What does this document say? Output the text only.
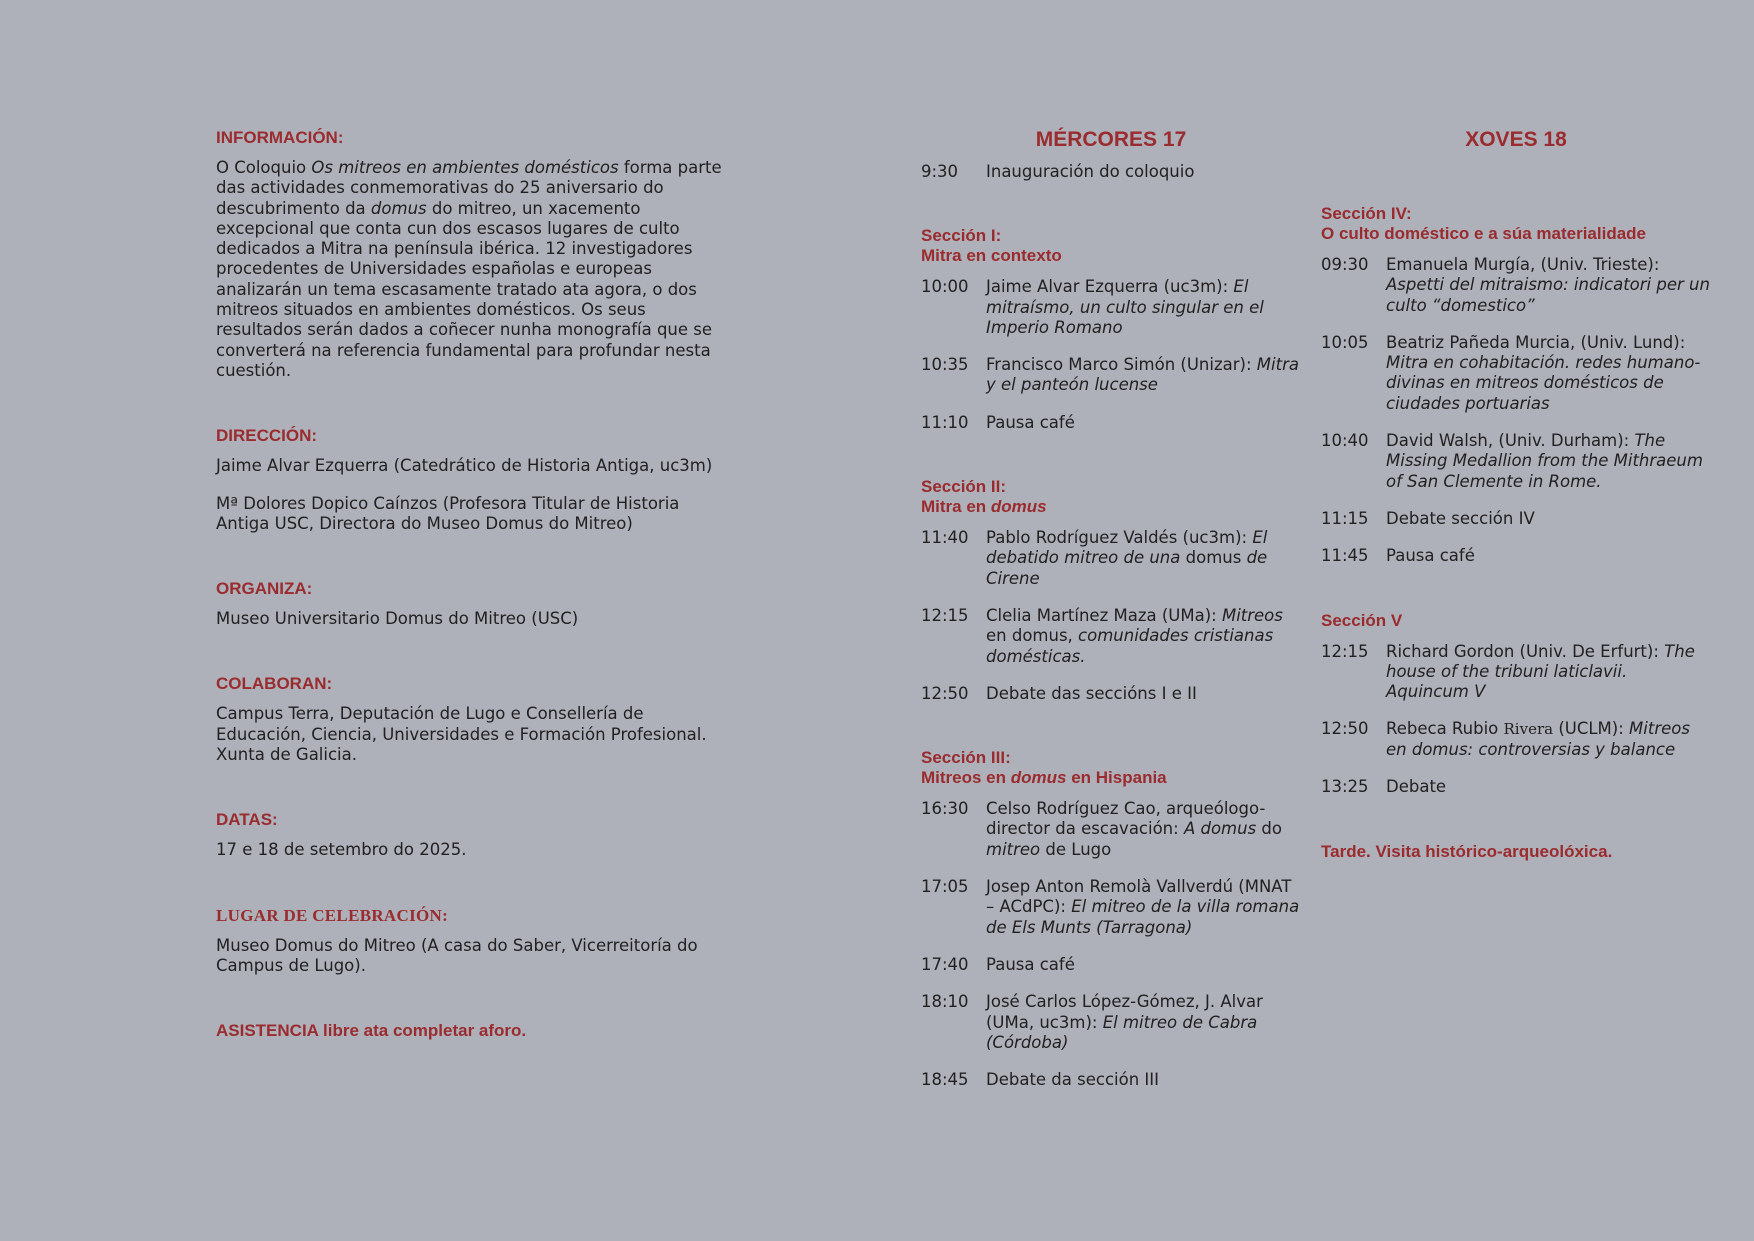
INFORMACIÓN:

O Coloquio Os mitreos en ambientes domésticos forma parte das actividades conmemorativas do 25 aniversario do descubrimento da domus do mitreo, un xacemento excepcional que conta cun dos escasos lugares de culto dedicados a Mitra na península ibérica. 12 investigadores procedentes de Universidades españolas e europeas analizarán un tema escasamente tratado ata agora, o dos mitreos situados en ambientes domésticos. Os seus resultados serán dados a coñecer nunha monografía que se converterá na referencia fundamental para profundar nesta cuestión.

DIRECCIÓN:

Jaime Alvar Ezquerra (Catedrático de Historia Antiga, uc3m)

Mª Dolores Dopico Caínzos (Profesora Titular de Historia Antiga USC, Directora do Museo Domus do Mitreo)

ORGANIZA:

Museo Universitario Domus do Mitreo (USC)

COLABORAN:

Campus Terra, Deputación de Lugo e Consellería de Educación, Ciencia, Universidades e Formación Profesional. Xunta de Galicia.

DATAS:

17 e 18 de setembro do 2025.

LUGAR DE CELEBRACIÓN:

Museo Domus do Mitreo (A casa do Saber, Vicerreitoría do Campus de Lugo).

ASISTENCIA libre ata completar aforo.
MÉRCORES 17
9:30	Inauguración do coloquio
Sección I:
Mitra en contexto
10:00	Jaime Alvar Ezquerra (uc3m): El mitraísmo, un culto singular en el Imperio Romano
10:35	Francisco Marco Simón (Unizar): Mitra y el panteón lucense
11:10	Pausa café
Sección II:
Mitra en domus
11:40	Pablo Rodríguez Valdés (uc3m): El debatido mitreo de una domus de Cirene
12:15	Clelia Martínez Maza (UMa): Mitreos en domus, comunidades cristianas domésticas.
12:50	Debate das seccións I e II
Sección III:
Mitreos en domus en Hispania
16:30	Celso Rodríguez Cao, arqueólogo-director da escavación: A domus do mitreo de Lugo
17:05	Josep Anton Remolà Vallverdú (MNAT – ACdPC): El mitreo de la villa romana de Els Munts (Tarragona)
17:40	Pausa café
18:10	José Carlos López-Gómez, J. Alvar (UMa, uc3m): El mitreo de Cabra (Córdoba)
18:45	Debate da sección III
XOVES 18
Sección IV:
O culto doméstico e a súa materialidade
09:30	Emanuela Murgía, (Univ. Trieste): Aspetti del mitraismo: indicatori per un culto “domestico”
10:05	Beatriz Pañeda Murcia, (Univ. Lund): Mitra en cohabitación. redes humano-divinas en mitreos domésticos de ciudades portuarias
10:40	David Walsh, (Univ. Durham): The Missing Medallion from the Mithraeum of San Clemente in Rome.
11:15	Debate sección IV
11:45	Pausa café
Sección V
12:15	Richard Gordon (Univ. De Erfurt): The house of the tribuni laticlavii. Aquincum V
12:50	Rebeca Rubio Rivera (UCLM): Mitreos en domus: controversias y balance
13:25	Debate
Tarde. Visita histórico-arqueolóxica.
